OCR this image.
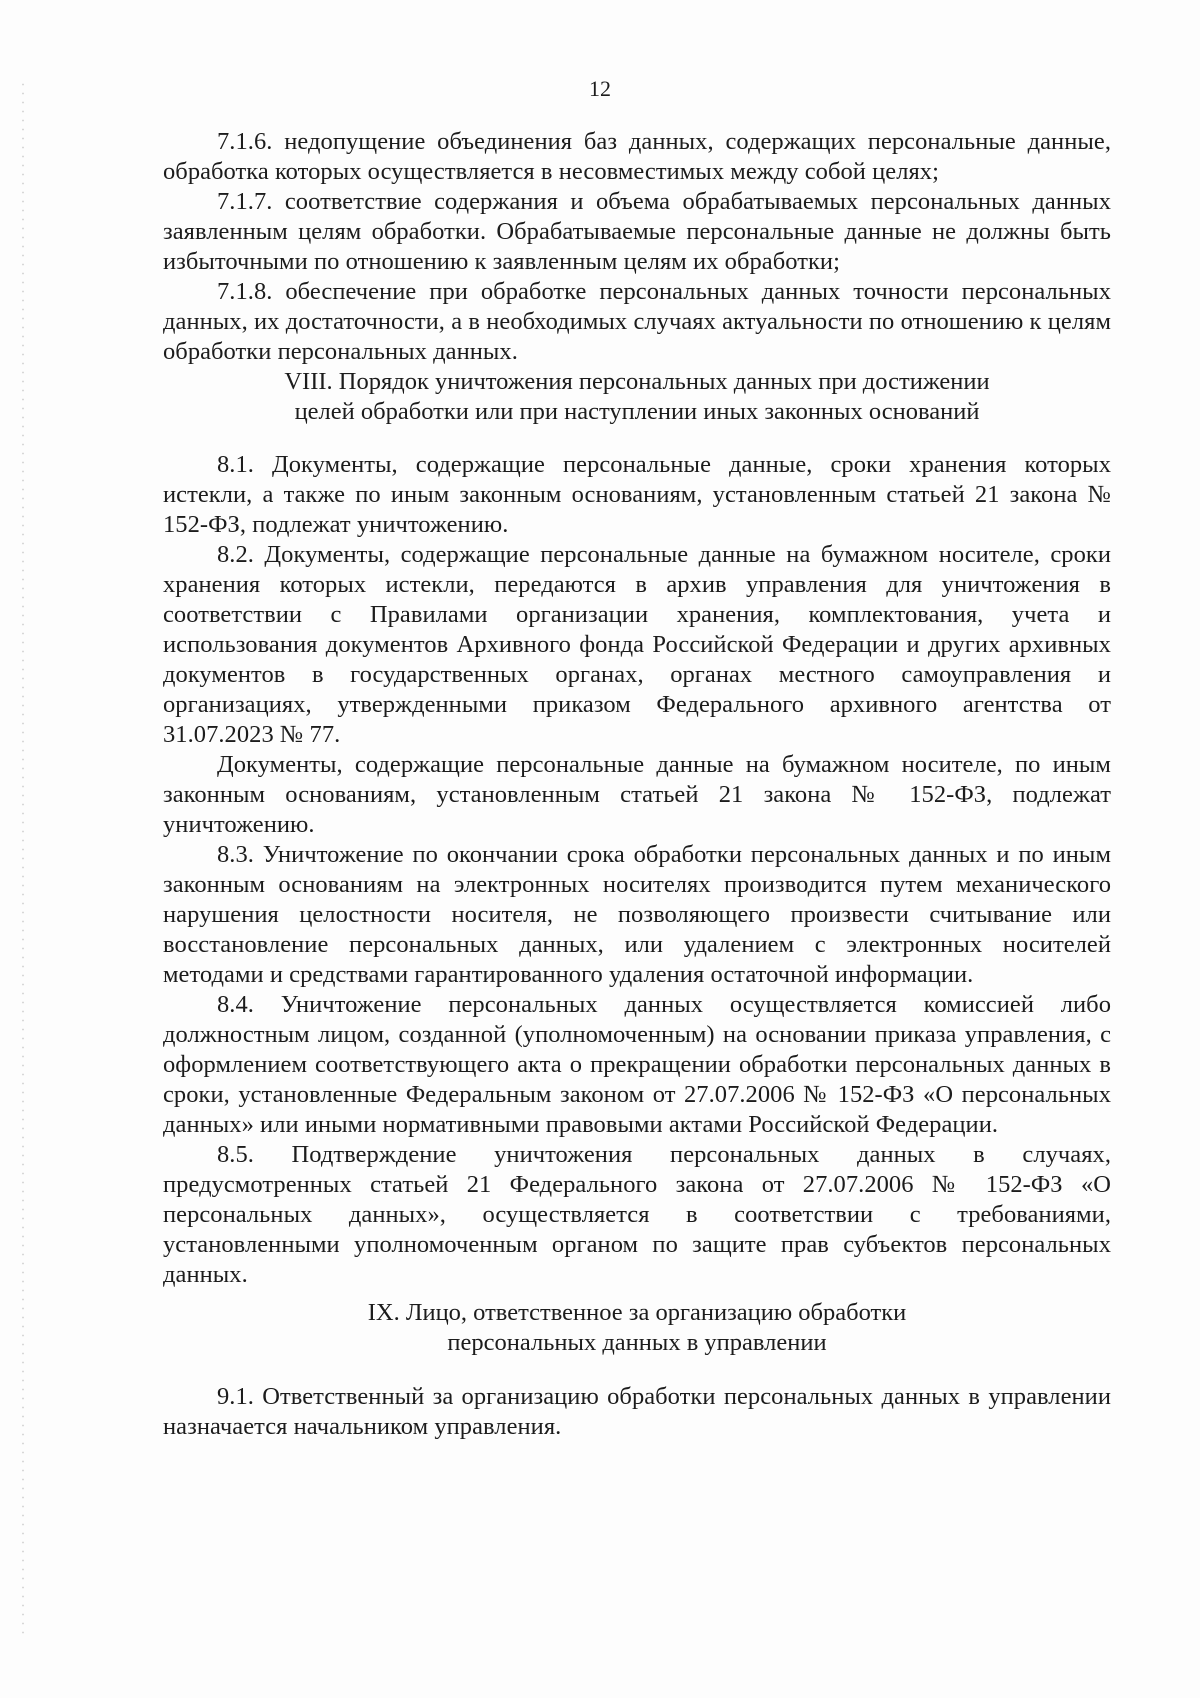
12

7.1.6. недопущение объединения баз данных, содержащих персональные данные, обработка которых осуществляется в несовместимых между собой целях;

7.1.7. соответствие содержания и объема обрабатываемых персональных данных заявленным целям обработки. Обрабатываемые персональные данные не должны быть избыточными по отношению к заявленным целям их обработки;

7.1.8. обеспечение при обработке персональных данных точности персональных данных, их достаточности, а в необходимых случаях актуальности по отношению к целям обработки персональных данных.

VIII. Порядок уничтожения персональных данных при достижении
целей обработки или при наступлении иных законных оснований

8.1. Документы, содержащие персональные данные, сроки хранения которых истекли, а также по иным законным основаниям, установленным статьей 21 закона № 152-ФЗ, подлежат уничтожению.

8.2. Документы, содержащие персональные данные на бумажном носителе, сроки хранения которых истекли, передаются в архив управления для уничтожения в соответствии с Правилами организации хранения, комплектования, учета и использования документов Архивного фонда Российской Федерации и других архивных документов в государственных органах, органах местного самоуправления и организациях, утвержденными приказом Федерального архивного агентства от 31.07.2023 № 77.

Документы, содержащие персональные данные на бумажном носителе, по иным законным основаниям, установленным статьей 21 закона № 152-ФЗ, подлежат уничтожению.

8.3. Уничтожение по окончании срока обработки персональных данных и по иным законным основаниям на электронных носителях производится путем механического нарушения целостности носителя, не позволяющего произвести считывание или восстановление персональных данных, или удалением с электронных носителей методами и средствами гарантированного удаления остаточной информации.

8.4. Уничтожение персональных данных осуществляется комиссией либо должностным лицом, созданной (уполномоченным) на основании приказа управления, с оформлением соответствующего акта о прекращении обработки персональных данных в сроки, установленные Федеральным законом от 27.07.2006 № 152-ФЗ «О персональных данных» или иными нормативными правовыми актами Российской Федерации.

8.5. Подтверждение уничтожения персональных данных в случаях, предусмотренных статьей 21 Федерального закона от 27.07.2006 № 152-ФЗ «О персональных данных», осуществляется в соответствии с требованиями, установленными уполномоченным органом по защите прав субъектов персональных данных.

IX. Лицо, ответственное за организацию обработки
персональных данных в управлении

9.1. Ответственный за организацию обработки персональных данных в управлении назначается начальником управления.
